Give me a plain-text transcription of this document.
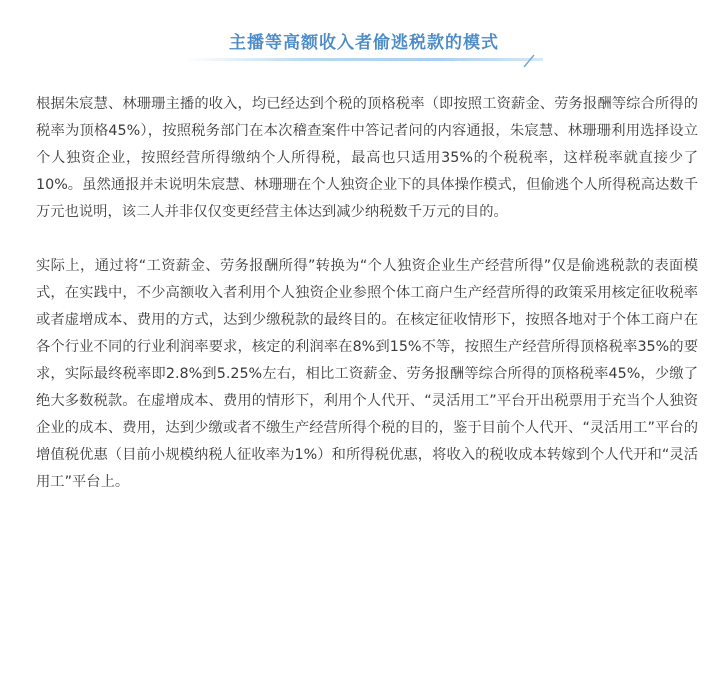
主播等高额收入者偷逃税款的模式

根据朱宸慧、林珊珊主播的收入，均已经达到个税的顶格税率（即按照工资薪金、劳务报酬等综合所得的税率为顶格45%），按照税务部门在本次稽查案件中答记者问的内容通报，朱宸慧、林珊珊利用选择设立个人独资企业，按照经营所得缴纳个人所得税，最高也只适用35%的个税税率，这样税率就直接少了10%。虽然通报并未说明朱宸慧、林珊珊在个人独资企业下的具体操作模式，但偷逃个人所得税高达数千万元也说明，该二人并非仅仅变更经营主体达到减少纳税数千万元的目的。

实际上，通过将“工资薪金、劳务报酬所得”转换为“个人独资企业生产经营所得”仅是偷逃税款的表面模式，在实践中，不少高额收入者利用个人独资企业参照个体工商户生产经营所得的政策采用核定征收税率或者虚增成本、费用的方式，达到少缴税款的最终目的。在核定征收情形下，按照各地对于个体工商户在各个行业不同的行业利润率要求，核定的利润率在8%到15%不等，按照生产经营所得顶格税率35%的要求，实际最终税率即2.8%到5.25%左右，相比工资薪金、劳务报酬等综合所得的顶格税率45%，少缴了绝大多数税款。在虚增成本、费用的情形下，利用个人代开、“灵活用工”平台开出税票用于充当个人独资企业的成本、费用，达到少缴或者不缴生产经营所得个税的目的，鉴于目前个人代开、“灵活用工”平台的增值税优惠（目前小规模纳税人征收率为1%）和所得税优惠，将收入的税收成本转嫁到个人代开和“灵活用工”平台上。
